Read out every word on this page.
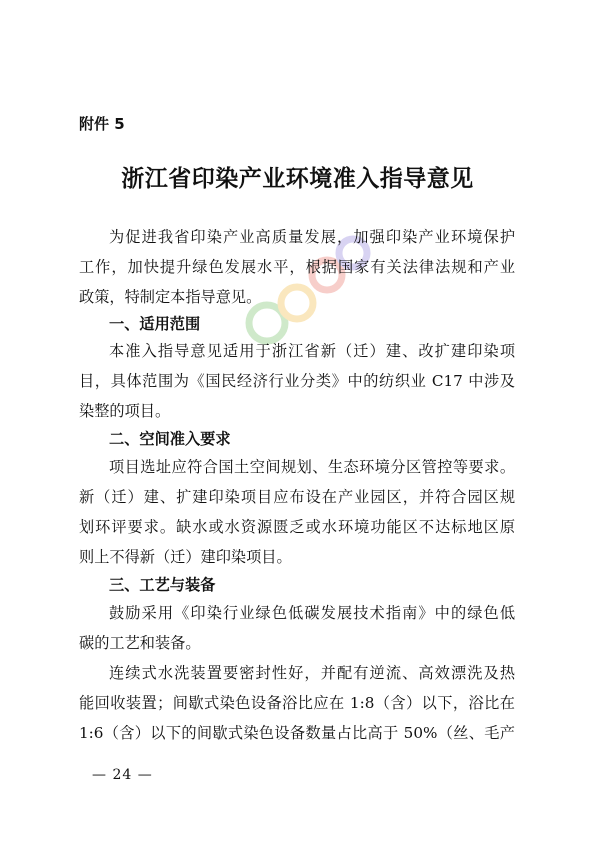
附件 5
浙江省印染产业环境准入指导意见
为促进我省印染产业高质量发展，加强印染产业环境保护
工作，加快提升绿色发展水平，根据国家有关法律法规和产业
政策，特制定本指导意见。
一、适用范围
本准入指导意见适用于浙江省新（迁）建、改扩建印染项
目，具体范围为《国民经济行业分类》中的纺织业 C17 中涉及
染整的项目。
二、空间准入要求
项目选址应符合国土空间规划、生态环境分区管控等要求。
新（迁）建、扩建印染项目应布设在产业园区，并符合园区规
划环评要求。缺水或水资源匮乏或水环境功能区不达标地区原
则上不得新（迁）建印染项目。
三、工艺与装备
鼓励采用《印染行业绿色低碳发展技术指南》中的绿色低
碳的工艺和装备。
连续式水洗装置要密封性好，并配有逆流、高效漂洗及热
能回收装置；间歇式染色设备浴比应在 1:8（含）以下，浴比在
1:6（含）以下的间歇式染色设备数量占比高于 50%（丝、毛产
— 24 —
